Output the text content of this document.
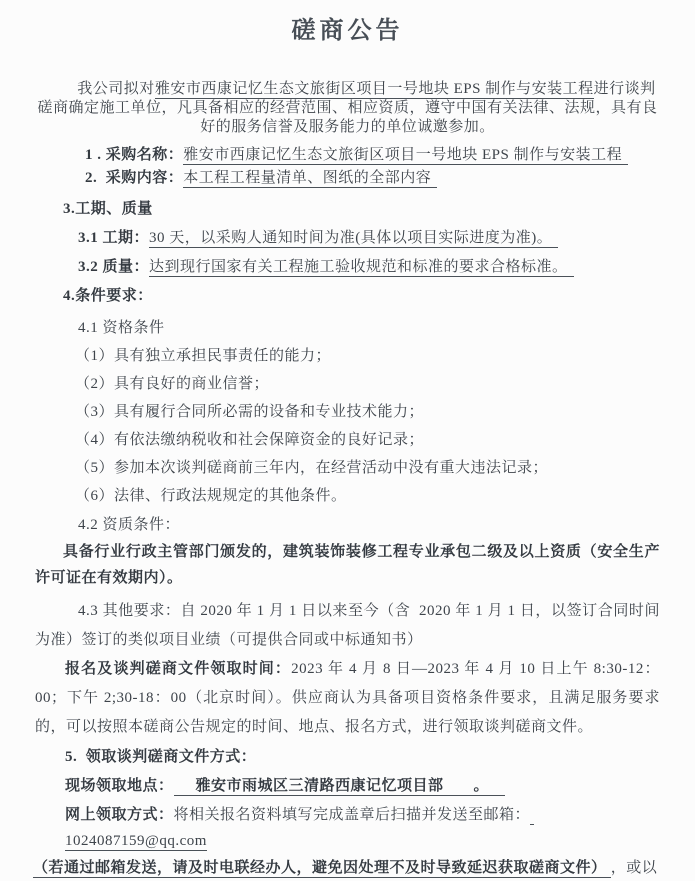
磋商公告
我公司拟对雅安市西康记忆生态文旅街区项目一号地块 EPS 制作与安装工程进行谈判磋商确定施工单位，凡具备相应的经营范围、相应资质，遵守中国有关法律、法规，具有良好的服务信誉及服务能力的单位诚邀参加。
1 . 采购名称：雅安市西康记忆生态文旅街区项目一号地块 EPS 制作与安装工程
2.  采购内容：本工程工程量清单、图纸的全部内容
3.工期、质量
3.1 工期：30 天，以采购人通知时间为准(具体以项目实际进度为准)。
3.2 质量：达到现行国家有关工程施工验收规范和标准的要求合格标准。
4.条件要求：
4.1 资格条件
（1）具有独立承担民事责任的能力；
（2）具有良好的商业信誉；
（3）具有履行合同所必需的设备和专业技术能力；
（4）有依法缴纳税收和社会保障资金的良好记录；
（5）参加本次谈判磋商前三年内，在经营活动中没有重大违法记录；
（6）法律、行政法规规定的其他条件。
4.2 资质条件：
具备行业行政主管部门颁发的，建筑装饰装修工程专业承包二级及以上资质（安全生产许可证在有效期内）。
4.3 其他要求：自 2020 年 1 月 1 日以来至今（含  2020 年 1 月 1 日，以签订合同时间为准）签订的类似项目业绩（可提供合同或中标通知书）
报名及谈判磋商文件领取时间：2023 年 4 月 8 日—2023 年 4 月 10 日上午 8:30-12：00；下午 2;30-18：00（北京时间）。供应商认为具备项目资格条件要求，且满足服务要求的，可以按照本磋商公告规定的时间、地点、报名方式，进行领取谈判磋商文件。
5.  领取谈判磋商文件方式：
现场领取地点： 雅安市雨城区三清路西康记忆项目部 。
网上领取方式：将相关报名资料填写完成盖章后扫描并发送至邮箱： 1024087159@qq.com
（若通过邮箱发送，请及时电联经办人，避免因处理不及时导致延迟获取磋商文件） ，或以
